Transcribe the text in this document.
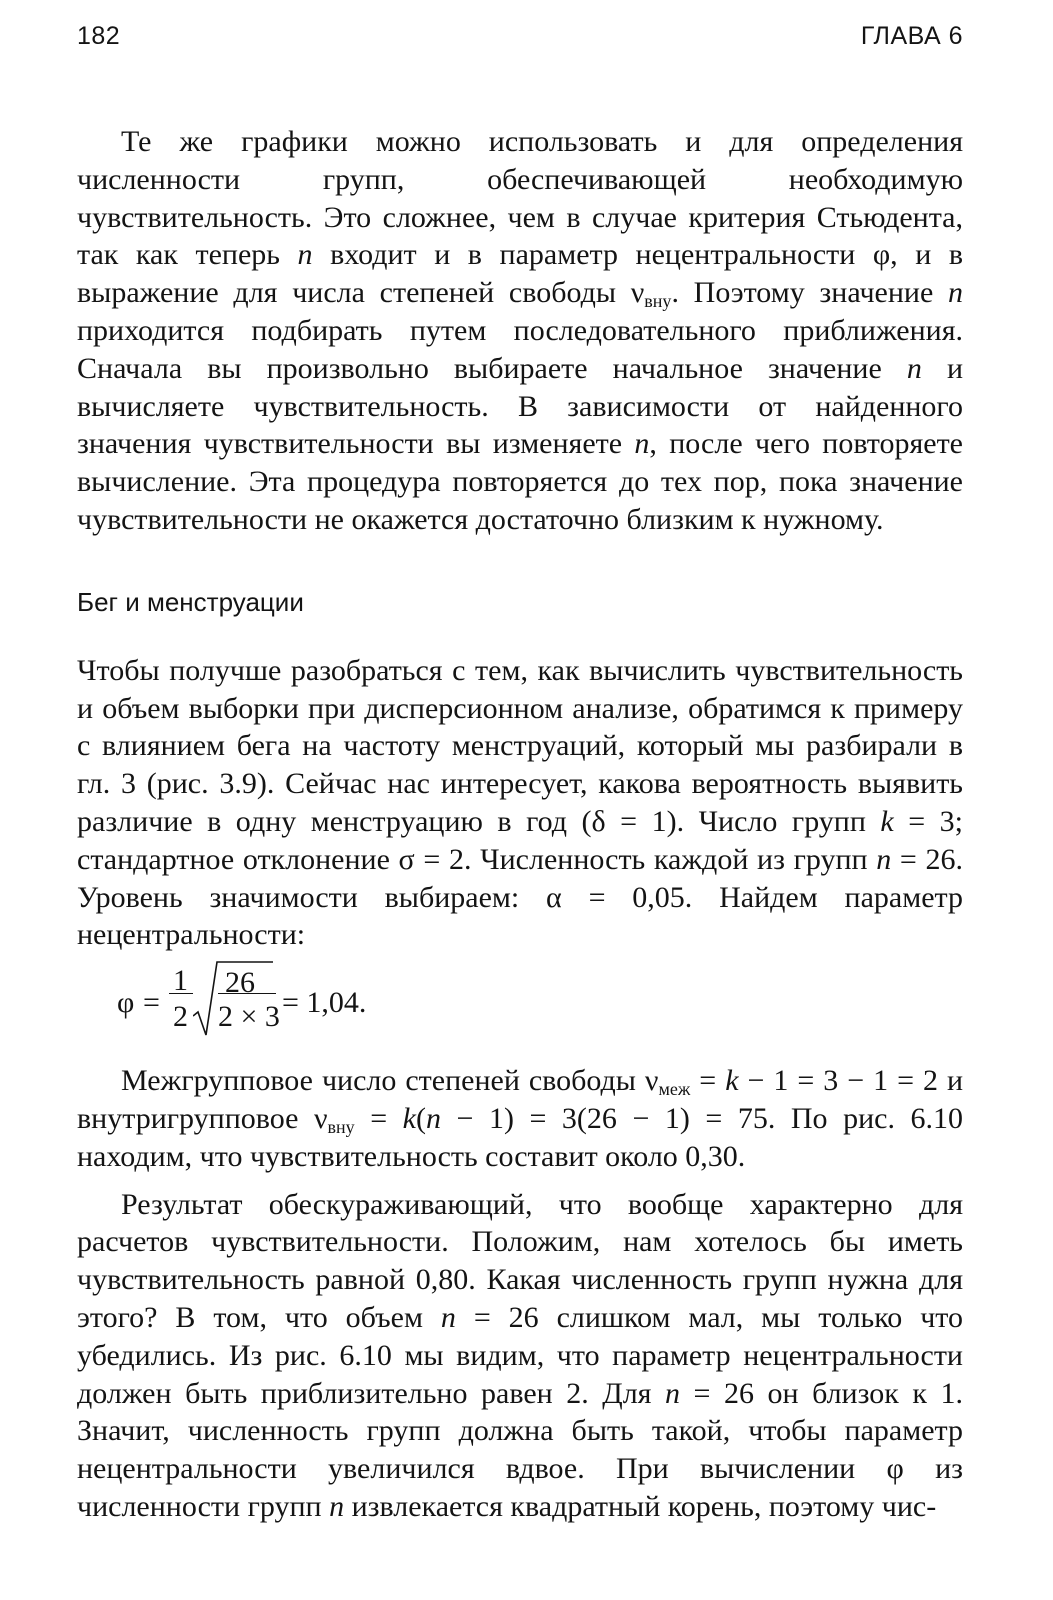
182	ГЛАВА 6

Те же графики можно использовать и для определения численности групп, обеспечивающей необходимую чувствительность. Это сложнее, чем в случае критерия Стьюдента, так как теперь n входит и в параметр нецентральности φ, и в выражение для числа степеней свободы $\nu_{вну}$. Поэтому значение n приходится подбирать путем последовательного приближения. Сначала вы произвольно выбираете начальное значение n и вычисляете чувствительность. В зависимости от найденного значения чувствительности вы изменяете n, после чего повторяете вычисление. Эта процедура повторяется до тех пор, пока значение чувствительности не окажется достаточно близким к нужному.

Бег и менструации

Чтобы получше разобраться с тем, как вычислить чувствительность и объем выборки при дисперсионном анализе, обратимся к примеру с влиянием бега на частоту менструаций, который мы разбирали в гл. 3 (рис. 3.9). Сейчас нас интересует, какова вероятность выявить различие в одну менструацию в год (δ = 1). Число групп k = 3; стандартное отклонение σ = 2. Численность каждой из групп n = 26. Уровень значимости выбираем: α = 0,05. Найдем параметр нецентральности:

φ =
1
2
26
2 × 3 = 1,04.

Межгрупповое число степеней свободы $\nu_{меж} = k - 1 = 3 - 1 = 2$ и внутригрупповое $\nu_{вну} = k(n - 1) = 3(26 - 1) = 75$. По рис. 6.10 находим, что чувствительность составит около 0,30.

Результат обескураживающий, что вообще характерно для расчетов чувствительности. Положим, нам хотелось бы иметь чувствительность равной 0,80. Какая численность групп нужна для этого? В том, что объем n = 26 слишком мал, мы только что убедились. Из рис. 6.10 мы видим, что параметр нецентральности должен быть приблизительно равен 2. Для n = 26 он близок к 1. Значит, численность групп должна быть такой, чтобы параметр нецентральности увеличился вдвое. При вычислении φ из численности групп n извлекается квадратный корень, поэтому чис-
